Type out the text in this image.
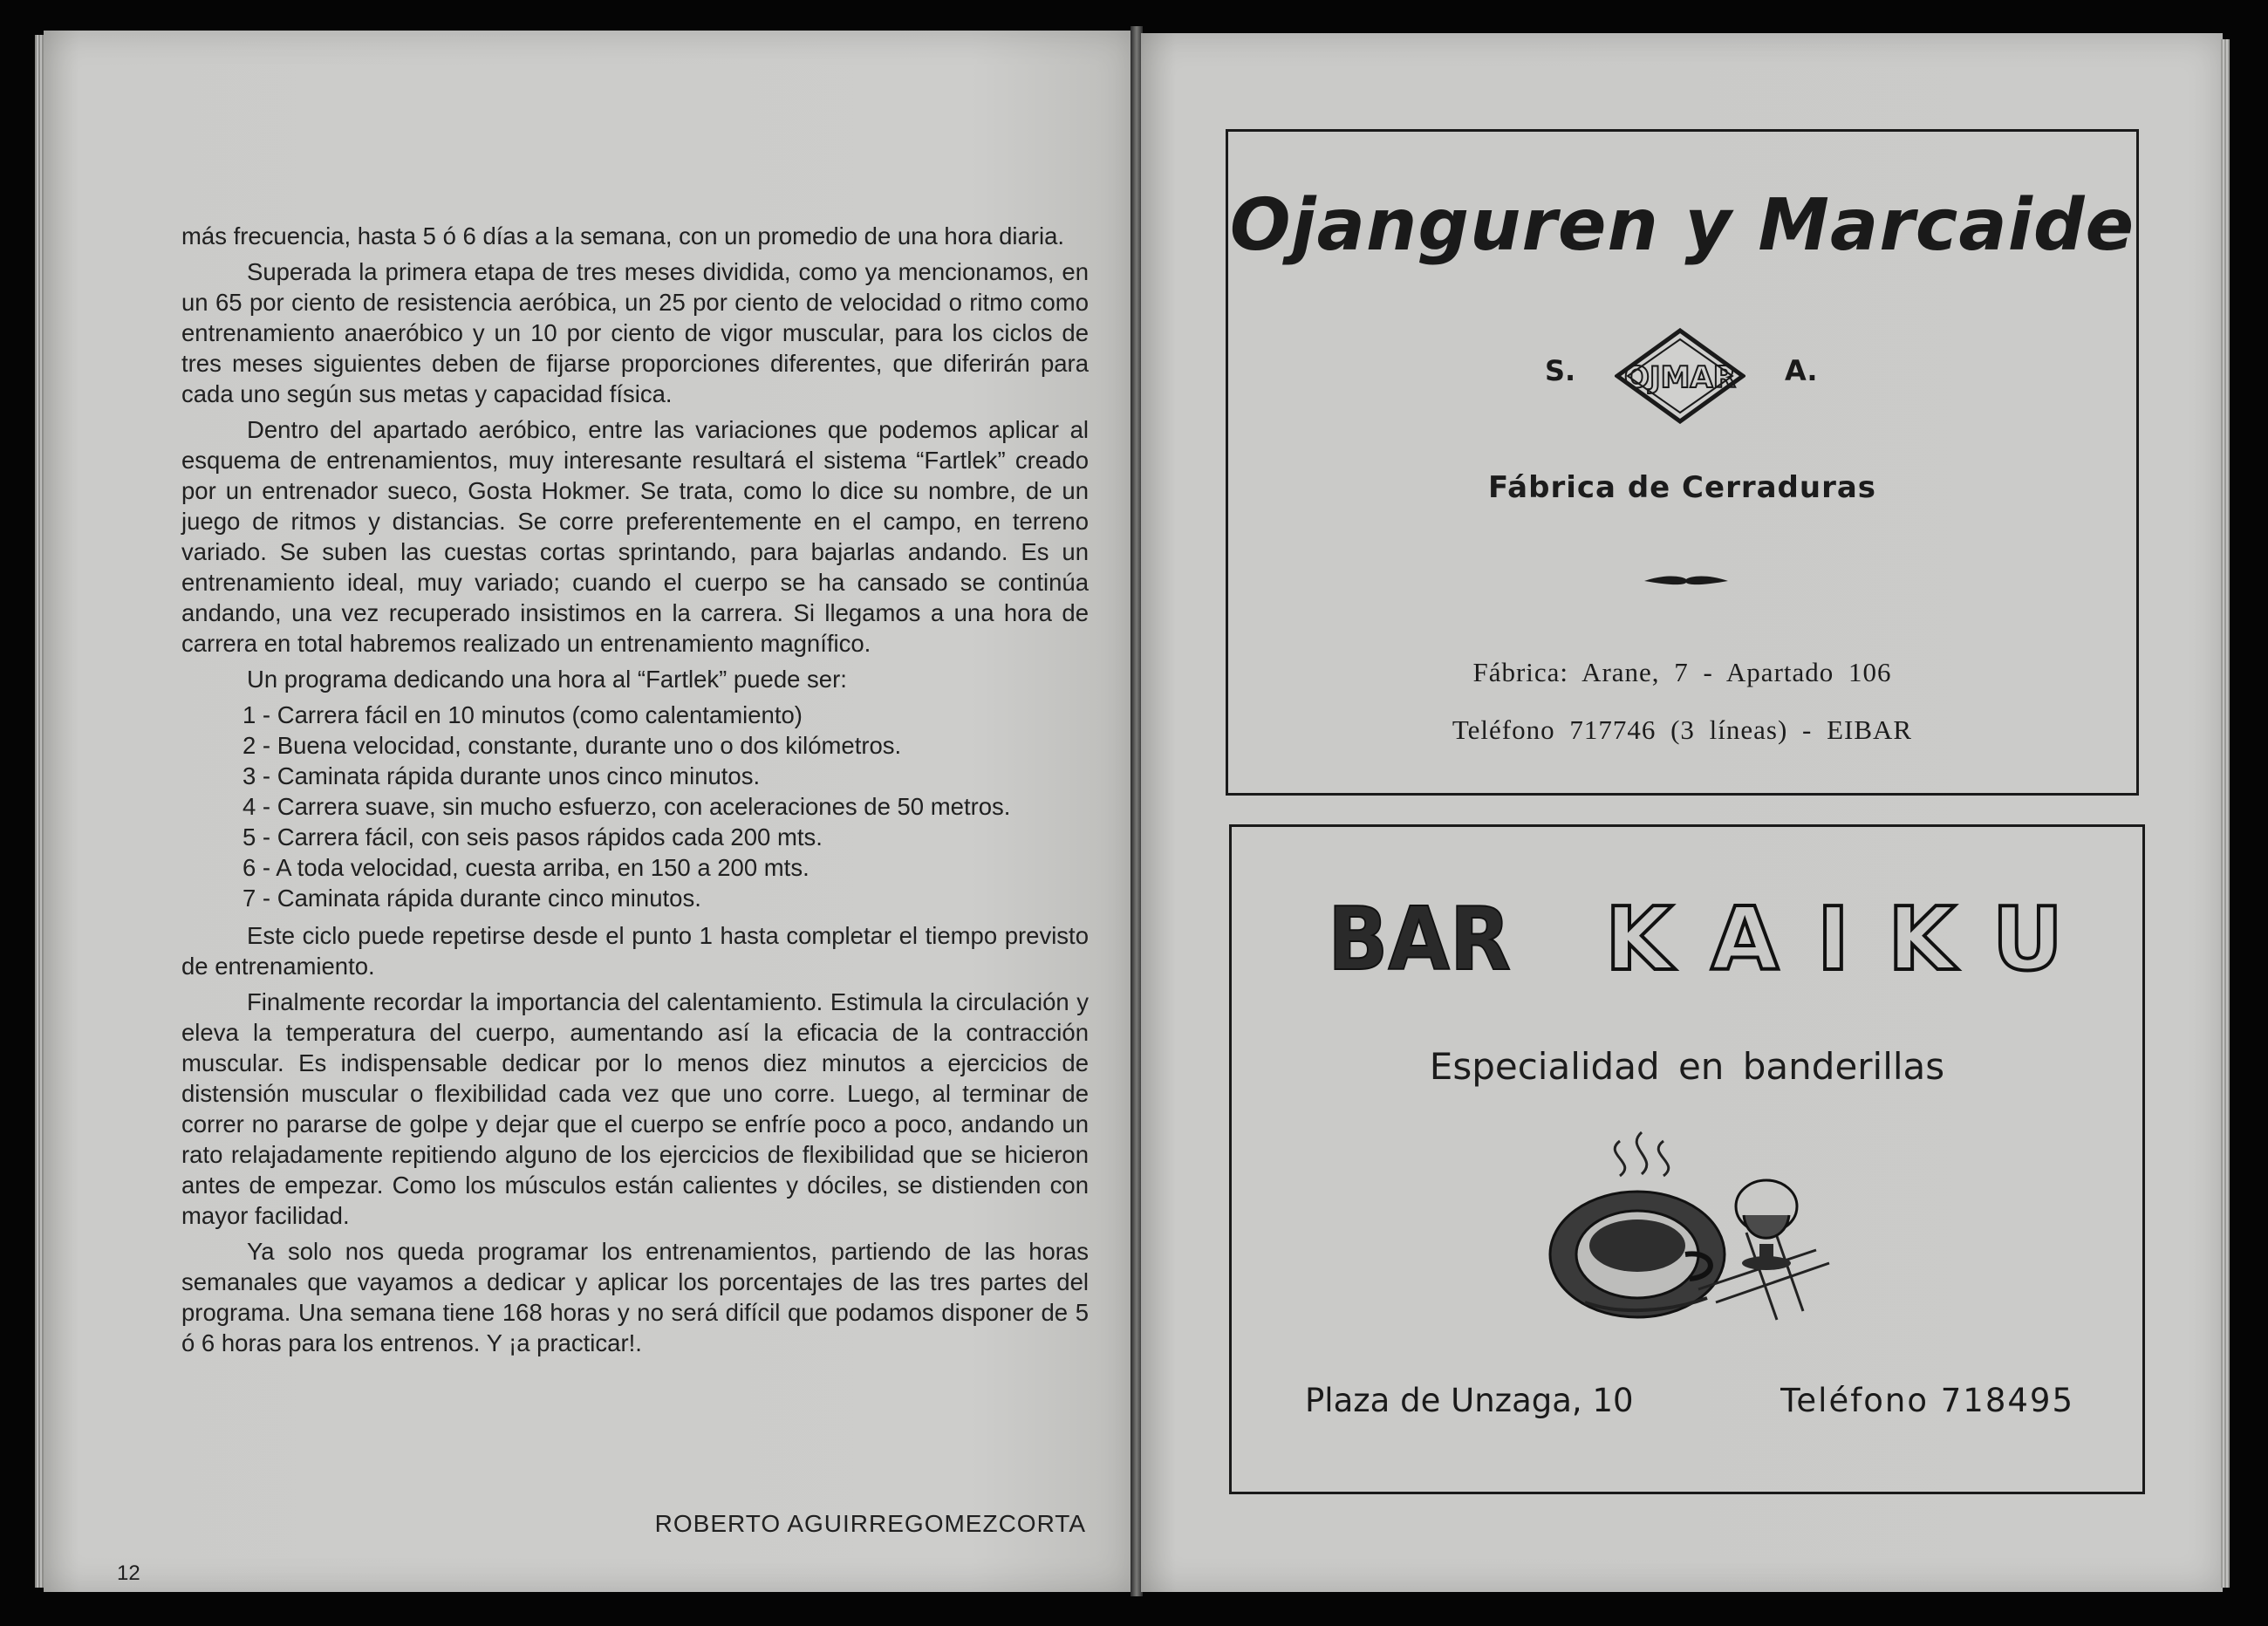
más frecuencia, hasta 5 ó 6 días a la semana, con un promedio de una hora diaria.

Superada la primera etapa de tres meses dividida, como ya mencionamos, en un 65 por ciento de resistencia aeróbica, un 25 por ciento de velocidad o ritmo como entrenamiento anaeróbico y un 10 por ciento de vigor muscular, para los ciclos de tres meses siguientes deben de fijarse proporciones diferentes, que diferirán para cada uno según sus metas y capacidad física.

Dentro del apartado aeróbico, entre las variaciones que podemos aplicar al esquema de entrenamientos, muy interesante resultará el sistema “Fartlek” creado por un entrenador sueco, Gosta Hokmer. Se trata, como lo dice su nombre, de un juego de ritmos y distancias. Se corre preferentemente en el campo, en terreno variado. Se suben las cuestas cortas sprintando, para bajarlas andando. Es un entrenamiento ideal, muy variado; cuando el cuerpo se ha cansado se continúa andando, una vez recuperado insistimos en la carrera. Si llegamos a una hora de carrera en total habremos realizado un entrenamiento magnífico.

Un programa dedicando una hora al “Fartlek” puede ser:

1 - Carrera fácil en 10 minutos (como calentamiento)
2 - Buena velocidad, constante, durante uno o dos kilómetros.
3 - Caminata rápida durante unos cinco minutos.
4 - Carrera suave, sin mucho esfuerzo, con aceleraciones de 50 metros.
5 - Carrera fácil, con seis pasos rápidos cada 200 mts.
6 - A toda velocidad, cuesta arriba, en 150 a 200 mts.
7 - Caminata rápida durante cinco minutos.

Este ciclo puede repetirse desde el punto 1 hasta completar el tiempo previsto de entrenamiento.

Finalmente recordar la importancia del calentamiento. Estimula la circulación y eleva la temperatura del cuerpo, aumentando así la eficacia de la contracción muscular. Es indispensable dedicar por lo menos diez minutos a ejercicios de distensión muscular o flexibilidad cada vez que uno corre. Luego, al terminar de correr no pararse de golpe y dejar que el cuerpo se enfríe poco a poco, andando un rato relajadamente repitiendo alguno de los ejercicios de flexibilidad que se hicieron antes de empezar. Como los músculos están calientes y dóciles, se distienden con mayor facilidad.

Ya solo nos queda programar los entrenamientos, partiendo de las horas semanales que vayamos a dedicar y aplicar los porcentajes de las tres partes del programa. Una semana tiene 168 horas y no será difícil que podamos disponer de 5 ó 6 horas para los entrenos. Y ¡a practicar!.

ROBERTO AGUIRREGOMEZCORTA
12
Ojanguren y Marcaide
S. OJMAR A.
Fábrica de Cerraduras
Fábrica: Arane, 7 - Apartado 106
Teléfono 717746 (3 líneas) - EIBAR
BAR KAIKU
Especialidad en banderillas
Plaza de Unzaga, 10	Teléfono 718495
